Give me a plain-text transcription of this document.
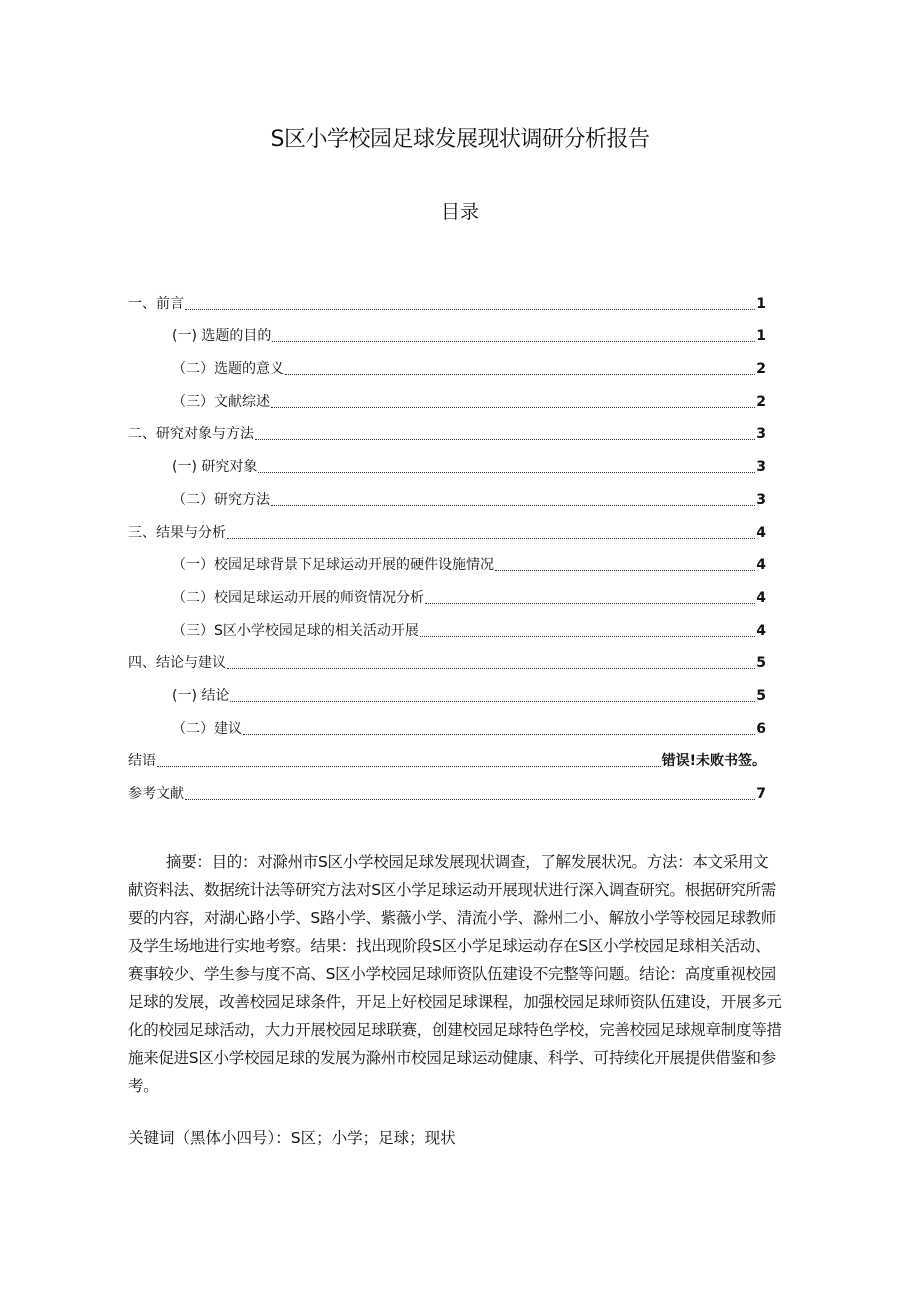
S区小学校园足球发展现状调研分析报告
目录
一、前言	1
(一) 选题的目的	1
（二）选题的意义	2
（三）文献综述	2
二、研究对象与方法	3
(一) 研究对象	3
（二）研究方法	3
三、结果与分析	4
（一）校园足球背景下足球运动开展的硬件设施情况	4
（二）校园足球运动开展的师资情况分析	4
（三）S区小学校园足球的相关活动开展	4
四、结论与建议	5
(一) 结论	5
（二）建议	6
结语	错误!未败书签。
参考文献	7
摘要：目的：对滁州市S区小学校园足球发展现状调查，了解发展状况。方法：本文采用文
献资料法、数据统计法等研究方法对S区小学足球运动开展现状进行深入调查研究。根据研究所需
要的内容，对湖心路小学、S路小学、紫薇小学、清流小学、滁州二小、解放小学等校园足球教师
及学生场地进行实地考察。结果：找出现阶段S区小学足球运动存在S区小学校园足球相关活动、
赛事较少、学生参与度不高、S区小学校园足球师资队伍建设不完整等问题。结论：高度重视校园
足球的发展，改善校园足球条件，开足上好校园足球课程，加强校园足球师资队伍建设，开展多元
化的校园足球活动，大力开展校园足球联赛，创建校园足球特色学校，完善校园足球规章制度等措
施来促进S区小学校园足球的发展为滁州市校园足球运动健康、科学、可持续化开展提供借鉴和参
考。
关键词（黑体小四号）：S区；小学；足球；现状
